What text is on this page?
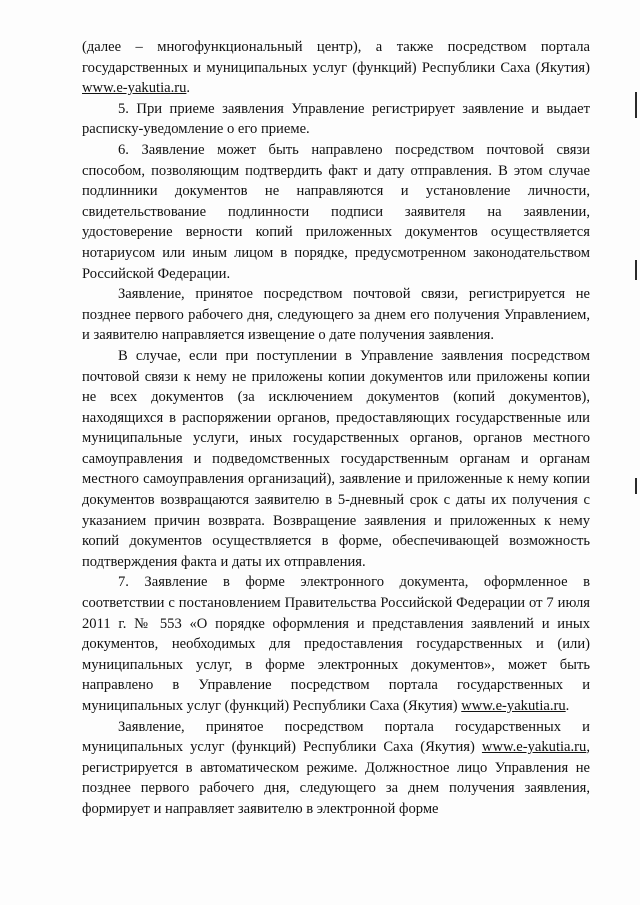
(далее – многофункциональный центр), а также посредством портала государственных и муниципальных услуг (функций) Республики Саха (Якутия) www.e-yakutia.ru.

5. При приеме заявления Управление регистрирует заявление и выдает расписку-уведомление о его приеме.

6. Заявление может быть направлено посредством почтовой связи способом, позволяющим подтвердить факт и дату отправления. В этом случае подлинники документов не направляются и установление личности, свидетельствование подлинности подписи заявителя на заявлении, удостоверение верности копий приложенных документов осуществляется нотариусом или иным лицом в порядке, предусмотренном законодательством Российской Федерации.

Заявление, принятое посредством почтовой связи, регистрируется не позднее первого рабочего дня, следующего за днем его получения Управлением, и заявителю направляется извещение о дате получения заявления.

В случае, если при поступлении в Управление заявления посредством почтовой связи к нему не приложены копии документов или приложены копии не всех документов (за исключением документов (копий документов), находящихся в распоряжении органов, предоставляющих государственные или муниципальные услуги, иных государственных органов, органов местного самоуправления и подведомственных государственным органам и органам местного самоуправления организаций), заявление и приложенные к нему копии документов возвращаются заявителю в 5-дневный срок с даты их получения с указанием причин возврата. Возвращение заявления и приложенных к нему копий документов осуществляется в форме, обеспечивающей возможность подтверждения факта и даты их отправления.

7. Заявление в форме электронного документа, оформленное в соответствии с постановлением Правительства Российской Федерации от 7 июля 2011 г. № 553 «О порядке оформления и представления заявлений и иных документов, необходимых для предоставления государственных и (или) муниципальных услуг, в форме электронных документов», может быть направлено в Управление посредством портала государственных и муниципальных услуг (функций) Республики Саха (Якутия) www.e-yakutia.ru.

Заявление, принятое посредством портала государственных и муниципальных услуг (функций) Республики Саха (Якутия) www.e-yakutia.ru, регистрируется в автоматическом режиме. Должностное лицо Управления не позднее первого рабочего дня, следующего за днем получения заявления, формирует и направляет заявителю в электронной форме
